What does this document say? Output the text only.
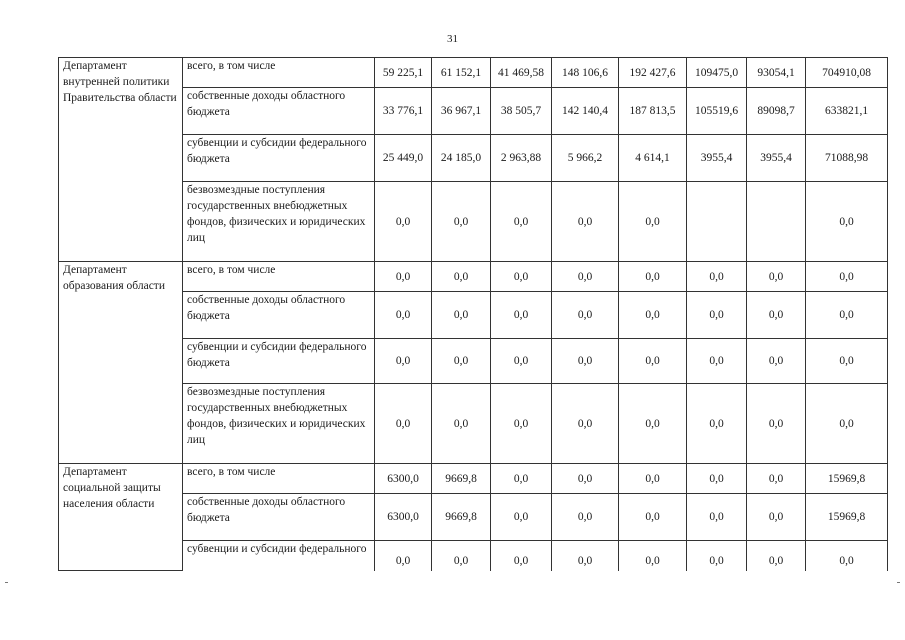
31
Департамент внутренней политики Правительства области	всего, в том числе	59 225,1	61 152,1	41 469,58	148 106,6	192 427,6	109475,0	93054,1	704910,08
	собственные доходы областного бюджета	33 776,1	36 967,1	38 505,7	142 140,4	187 813,5	105519,6	89098,7	633821,1
	субвенции и субсидии федерального бюджета	25 449,0	24 185,0	2 963,88	5 966,2	4 614,1	3955,4	3955,4	71088,98
	безвозмездные поступления государственных внебюджетных фондов, физических и юридических лиц	0,0	0,0	0,0	0,0	0,0			0,0
Департамент образования области	всего, в том числе	0,0	0,0	0,0	0,0	0,0	0,0	0,0	0,0
	собственные доходы областного бюджета	0,0	0,0	0,0	0,0	0,0	0,0	0,0	0,0
	субвенции и субсидии федерального бюджета	0,0	0,0	0,0	0,0	0,0	0,0	0,0	0,0
	безвозмездные поступления государственных внебюджетных фондов, физических и юридических лиц	0,0	0,0	0,0	0,0	0,0	0,0	0,0	0,0
Департамент социальной защиты населения области	всего, в том числе	6300,0	9669,8	0,0	0,0	0,0	0,0	0,0	15969,8
	собственные доходы областного бюджета	6300,0	9669,8	0,0	0,0	0,0	0,0	0,0	15969,8
	субвенции и субсидии федерального	0,0	0,0	0,0	0,0	0,0	0,0	0,0	0,0
